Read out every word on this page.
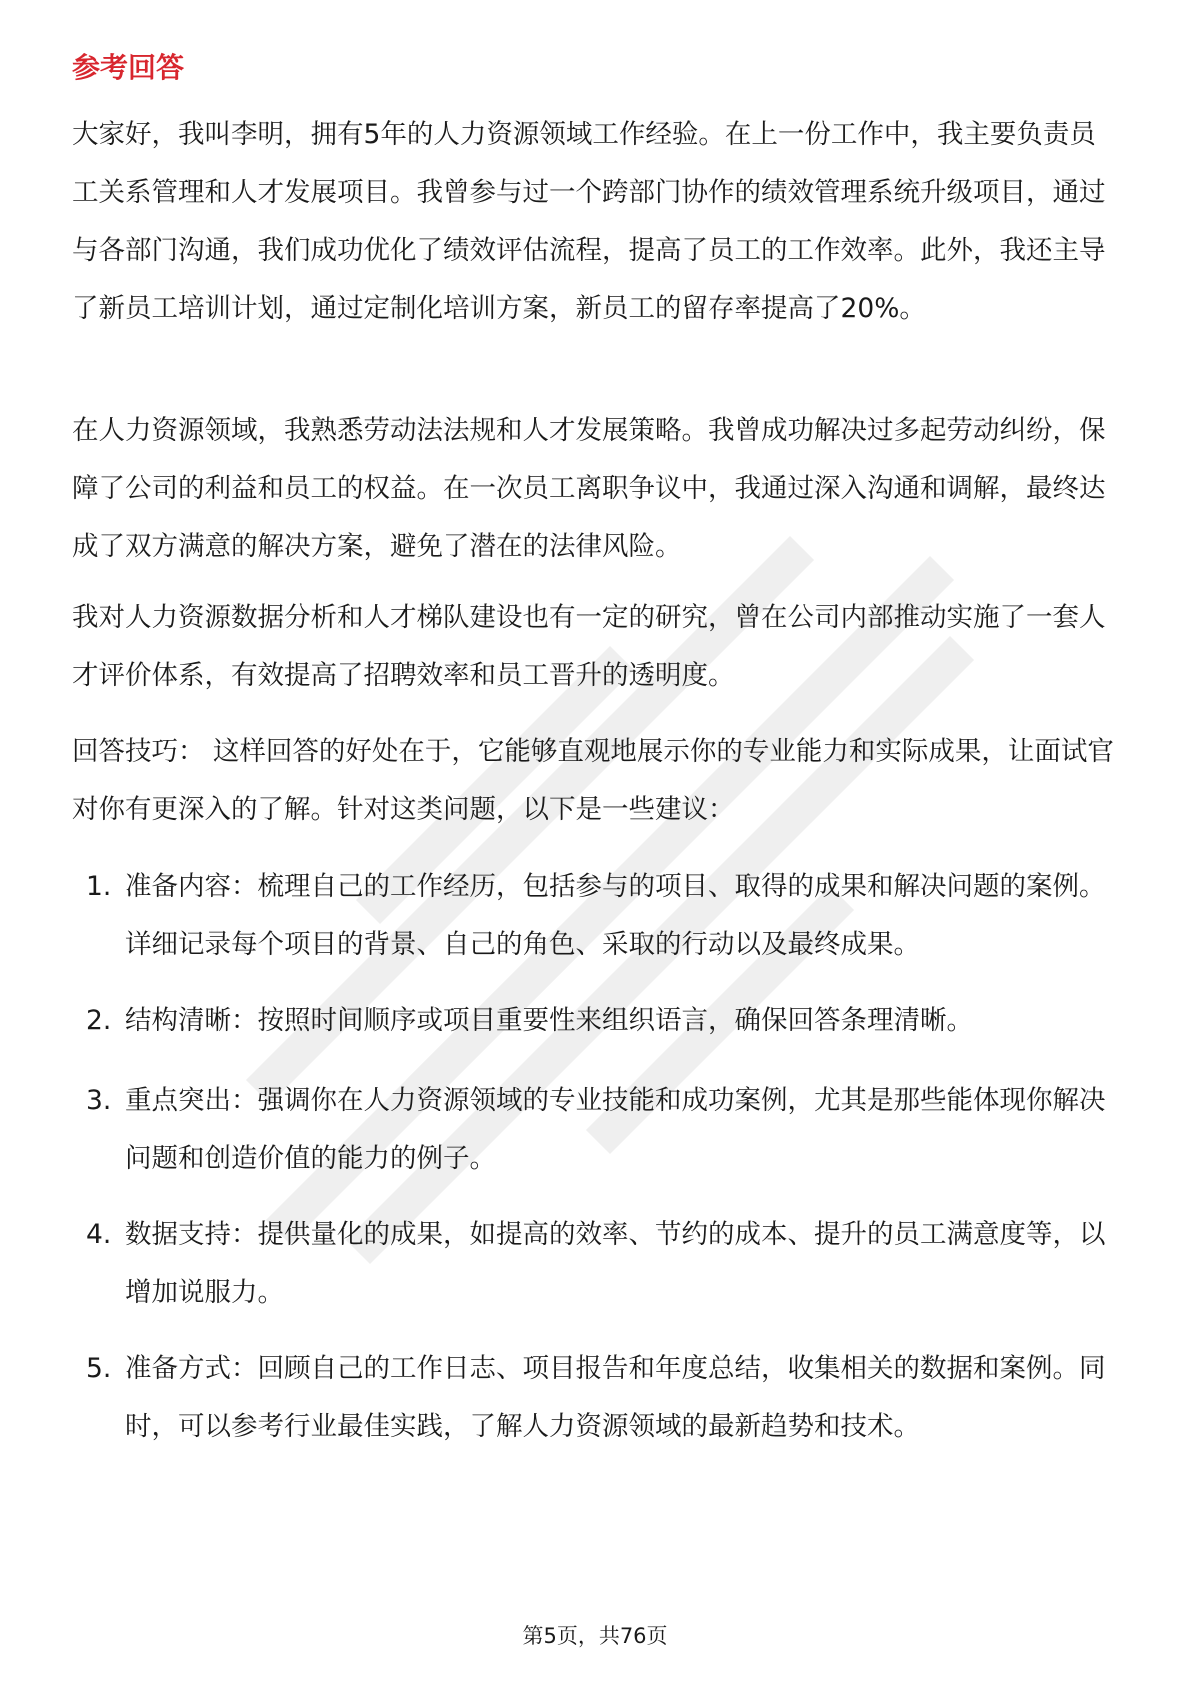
参考回答

大家好，我叫李明，拥有5年的人力资源领域工作经验。在上一份工作中，我主要负责员工关系管理和人才发展项目。我曾参与过一个跨部门协作的绩效管理系统升级项目，通过与各部门沟通，我们成功优化了绩效评估流程，提高了员工的工作效率。此外，我还主导了新员工培训计划，通过定制化培训方案，新员工的留存率提高了20%。

在人力资源领域，我熟悉劳动法法规和人才发展策略。我曾成功解决过多起劳动纠纷，保障了公司的利益和员工的权益。在一次员工离职争议中，我通过深入沟通和调解，最终达成了双方满意的解决方案，避免了潜在的法律风险。

我对人力资源数据分析和人才梯队建设也有一定的研究，曾在公司内部推动实施了一套人才评价体系，有效提高了招聘效率和员工晋升的透明度。

回答技巧： 这样回答的好处在于，它能够直观地展示你的专业能力和实际成果，让面试官对你有更深入的了解。针对这类问题，以下是一些建议：

1. 准备内容：梳理自己的工作经历，包括参与的项目、取得的成果和解决问题的案例。详细记录每个项目的背景、自己的角色、采取的行动以及最终成果。
2. 结构清晰：按照时间顺序或项目重要性来组织语言，确保回答条理清晰。
3. 重点突出：强调你在人力资源领域的专业技能和成功案例，尤其是那些能体现你解决问题和创造价值的能力的例子。
4. 数据支持：提供量化的成果，如提高的效率、节约的成本、提升的员工满意度等，以增加说服力。
5. 准备方式：回顾自己的工作日志、项目报告和年度总结，收集相关的数据和案例。同时，可以参考行业最佳实践，了解人力资源领域的最新趋势和技术。
第5页，共76页
